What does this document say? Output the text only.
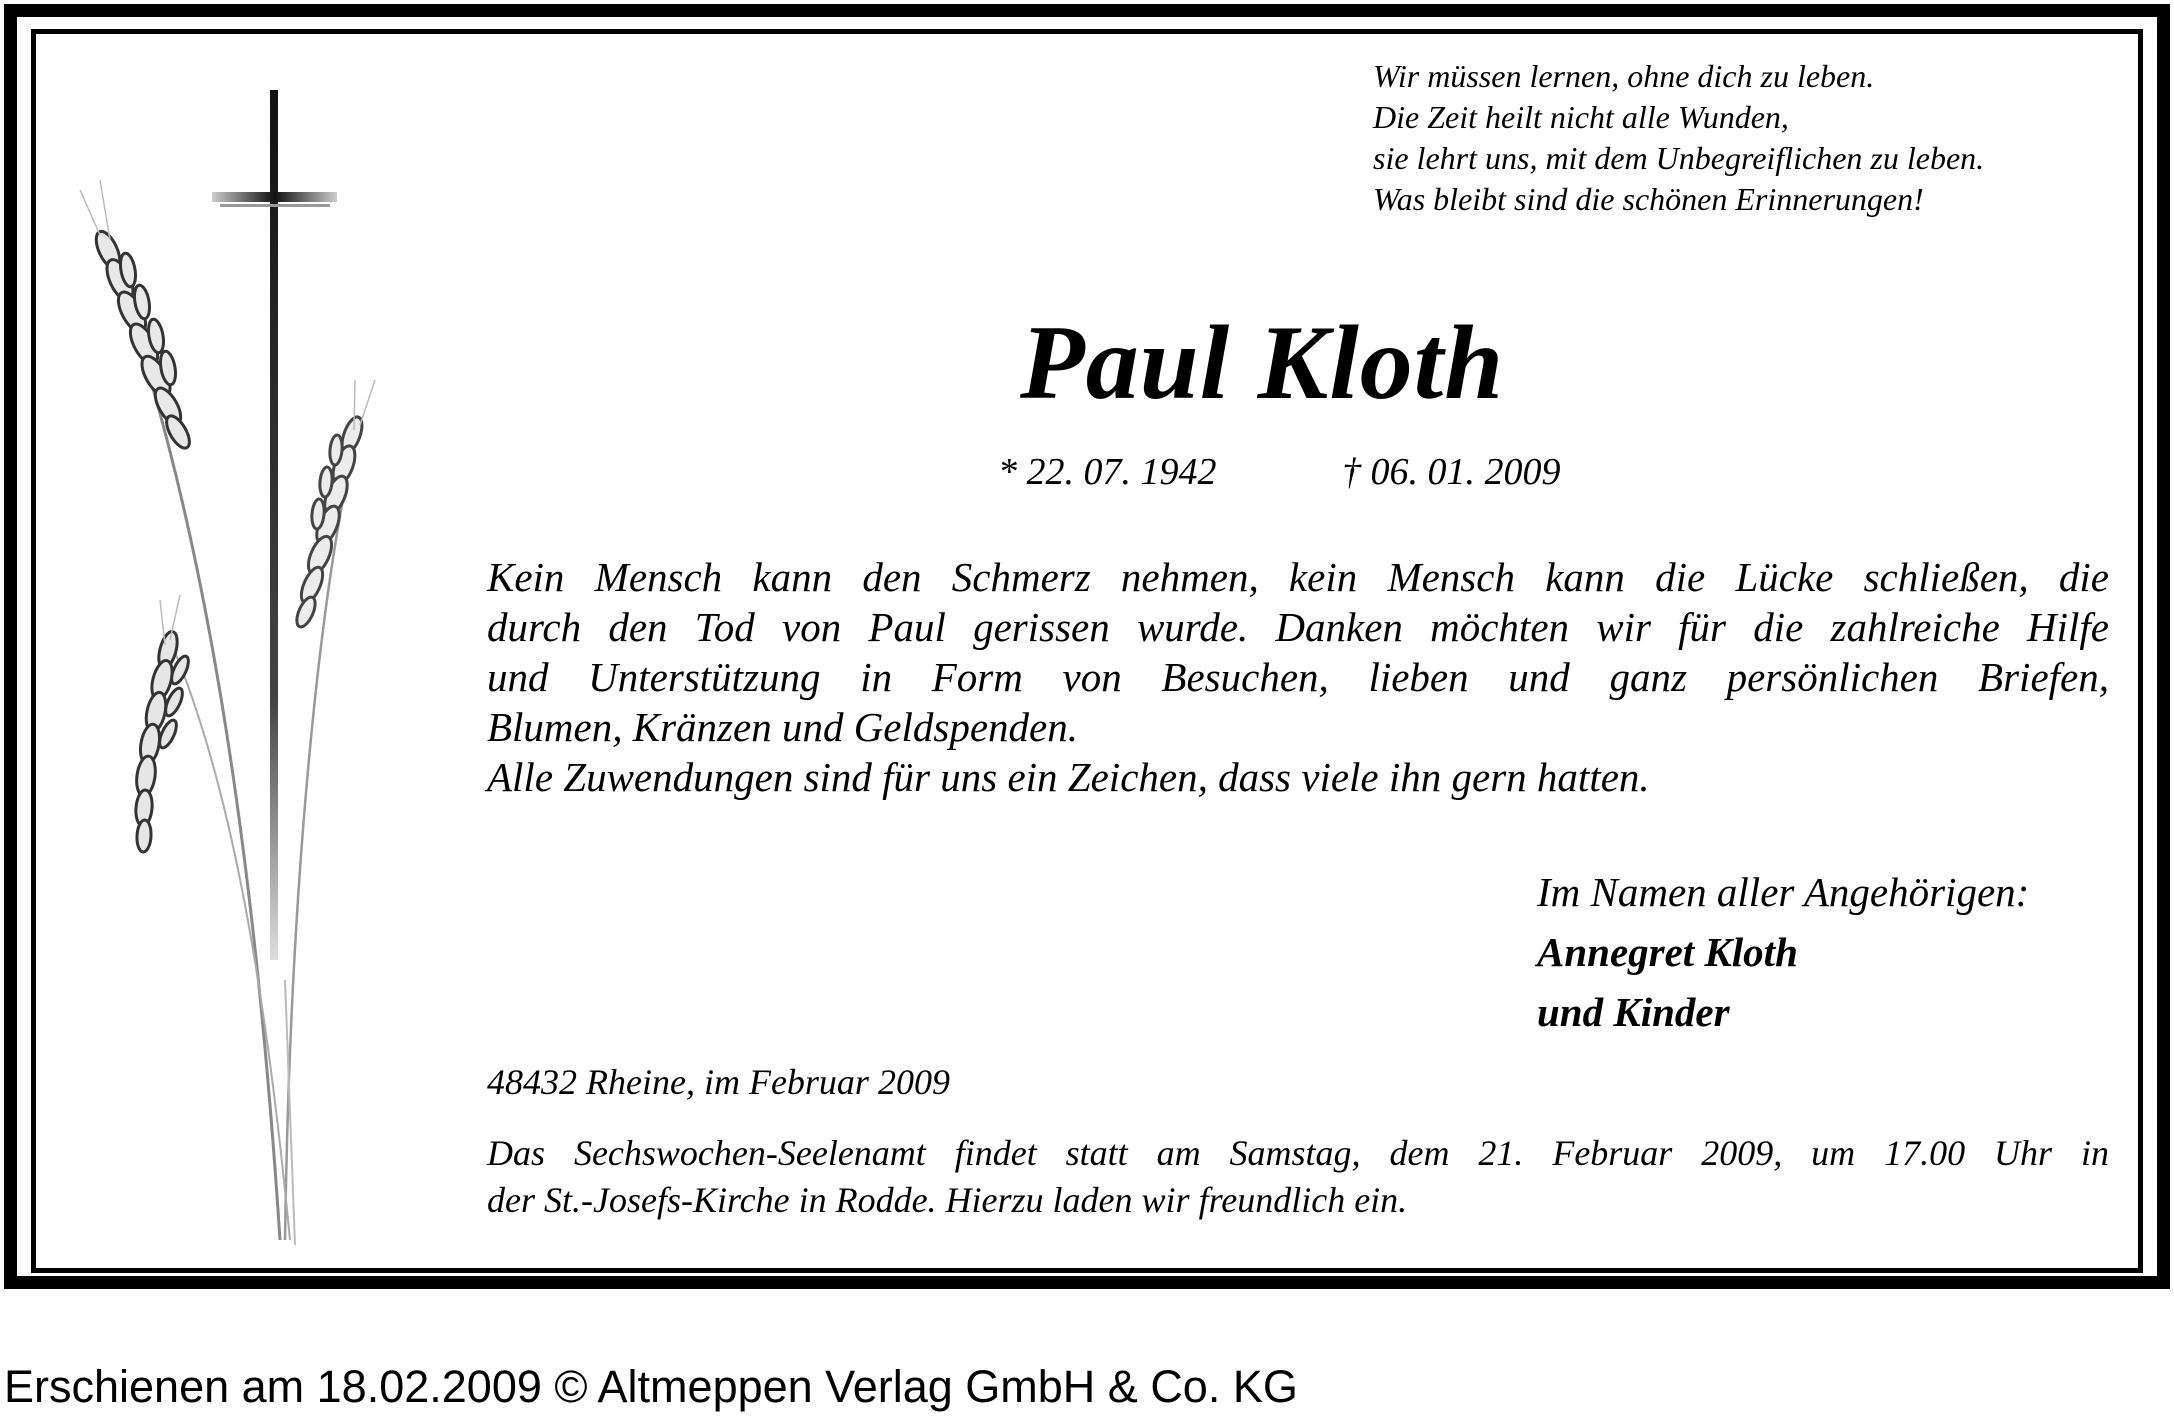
Wir müssen lernen, ohne dich zu leben.
Die Zeit heilt nicht alle Wunden,
sie lehrt uns, mit dem Unbegreiflichen zu leben.
Was bleibt sind die schönen Erinnerungen!
Paul Kloth
* 22. 07. 1942	† 06. 01. 2009
Kein Mensch kann den Schmerz nehmen, kein Mensch kann die Lücke schließen, die
durch den Tod von Paul gerissen wurde. Danken möchten wir für die zahlreiche Hilfe
und Unterstützung in Form von Besuchen, lieben und ganz persönlichen Briefen,
Blumen, Kränzen und Geldspenden.
Alle Zuwendungen sind für uns ein Zeichen, dass viele ihn gern hatten.
Im Namen aller Angehörigen:
Annegret Kloth
und Kinder
48432 Rheine, im Februar 2009
Das Sechswochen-Seelenamt findet statt am Samstag, dem 21. Februar 2009, um 17.00 Uhr in
der St.-Josefs-Kirche in Rodde. Hierzu laden wir freundlich ein.
Erschienen am 18.02.2009 © Altmeppen Verlag GmbH & Co. KG
